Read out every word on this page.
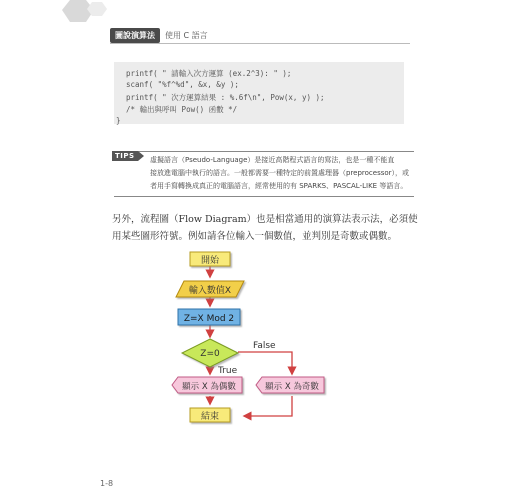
圖說演算法	使用 C 語言
printf( " 請輸入次方運算 (ex.2^3): " );
scanf( "%f^%d", &x, &y );
printf( " 次方運算結果 : %.6f\n", Pow(x, y) );
/* 輸出與呼叫 Pow() 函數 */
}
TIPS	虛擬語言（Pseudo-Language）是接近高階程式語言的寫法，也是一種不能直
接放進電腦中執行的語言。一般都需要一種特定的前置處理器（preprocessor），或
者用手寫轉換成真正的電腦語言，經常使用的有 SPARKS、PASCAL-LIKE 等語言。
另外，流程圖（Flow Diagram）也是相當通用的演算法表示法，必須使
用某些圖形符號。例如請各位輸入一個數值，並判別是奇數或偶數。
開始
輸入數值X
Z=X Mod 2
Z=0
False
True
顯示 X 為偶數	顯示 X 為奇數
結束
1-8
